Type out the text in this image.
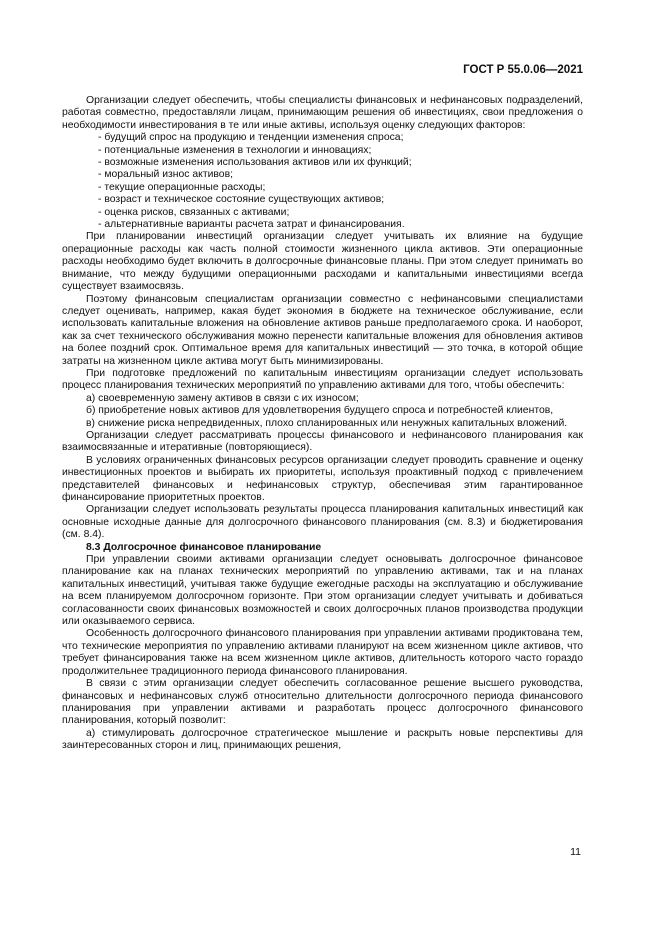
ГОСТ Р 55.0.06—2021

Организации следует обеспечить, чтобы специалисты финансовых и нефинансовых подразделений, работая совместно, предоставляли лицам, принимающим решения об инвестициях, свои предложения о необходимости инвестирования в те или иные активы, используя оценку следующих факторов:

- будущий спрос на продукцию и тенденции изменения спроса;

- потенциальные изменения в технологии и инновациях;

- возможные изменения использования активов или их функций;

- моральный износ активов;

- текущие операционные расходы;

- возраст и техническое состояние существующих активов;

- оценка рисков, связанных с активами;

- альтернативные варианты расчета затрат и финансирования.

При планировании инвестиций организации следует учитывать их влияние на будущие операционные расходы как часть полной стоимости жизненного цикла активов. Эти операционные расходы необходимо будет включить в долгосрочные финансовые планы. При этом следует принимать во внимание, что между будущими операционными расходами и капитальными инвестициями всегда существует взаимосвязь.

Поэтому финансовым специалистам организации совместно с нефинансовыми специалистами следует оценивать, например, какая будет экономия в бюджете на техническое обслуживание, если использовать капитальные вложения на обновление активов раньше предполагаемого срока. И наоборот, как за счет технического обслуживания можно перенести капитальные вложения для обновления активов на более поздний срок. Оптимальное время для капитальных инвестиций — это точка, в которой общие затраты на жизненном цикле актива могут быть минимизированы.

При подготовке предложений по капитальным инвестициям организации следует использовать процесс планирования технических мероприятий по управлению активами для того, чтобы обеспечить:

а) своевременную замену активов в связи с их износом;

б) приобретение новых активов для удовлетворения будущего спроса и потребностей клиентов,

в) снижение риска непредвиденных, плохо спланированных или ненужных капитальных вложений.

Организации следует рассматривать процессы финансового и нефинансового планирования как взаимосвязанные и итеративные (повторяющиеся).

В условиях ограниченных финансовых ресурсов организации следует проводить сравнение и оценку инвестиционных проектов и выбирать их приоритеты, используя проактивный подход с привлечением представителей финансовых и нефинансовых структур, обеспечивая этим гарантированное финансирование приоритетных проектов.

Организации следует использовать результаты процесса планирования капитальных инвестиций как основные исходные данные для долгосрочного финансового планирования (см. 8.3) и бюджетирования (см. 8.4).

8.3 Долгосрочное финансовое планирование

При управлении своими активами организации следует основывать долгосрочное финансовое планирование как на планах технических мероприятий по управлению активами, так и на планах капитальных инвестиций, учитывая также будущие ежегодные расходы на эксплуатацию и обслуживание на всем планируемом долгосрочном горизонте. При этом организации следует учитывать и добиваться согласованности своих финансовых возможностей и своих долгосрочных планов производства продукции или оказываемого сервиса.

Особенность долгосрочного финансового планирования при управлении активами продиктована тем, что технические мероприятия по управлению активами планируют на всем жизненном цикле активов, что требует финансирования также на всем жизненном цикле активов, длительность которого часто гораздо продолжительнее традиционного периода финансового планирования.

В связи с этим организации следует обеспечить согласованное решение высшего руководства, финансовых и нефинансовых служб относительно длительности долгосрочного периода финансового планирования при управлении активами и разработать процесс долгосрочного финансового планирования, который позволит:

а) стимулировать долгосрочное стратегическое мышление и раскрыть новые перспективы для заинтересованных сторон и лиц, принимающих решения,

11
